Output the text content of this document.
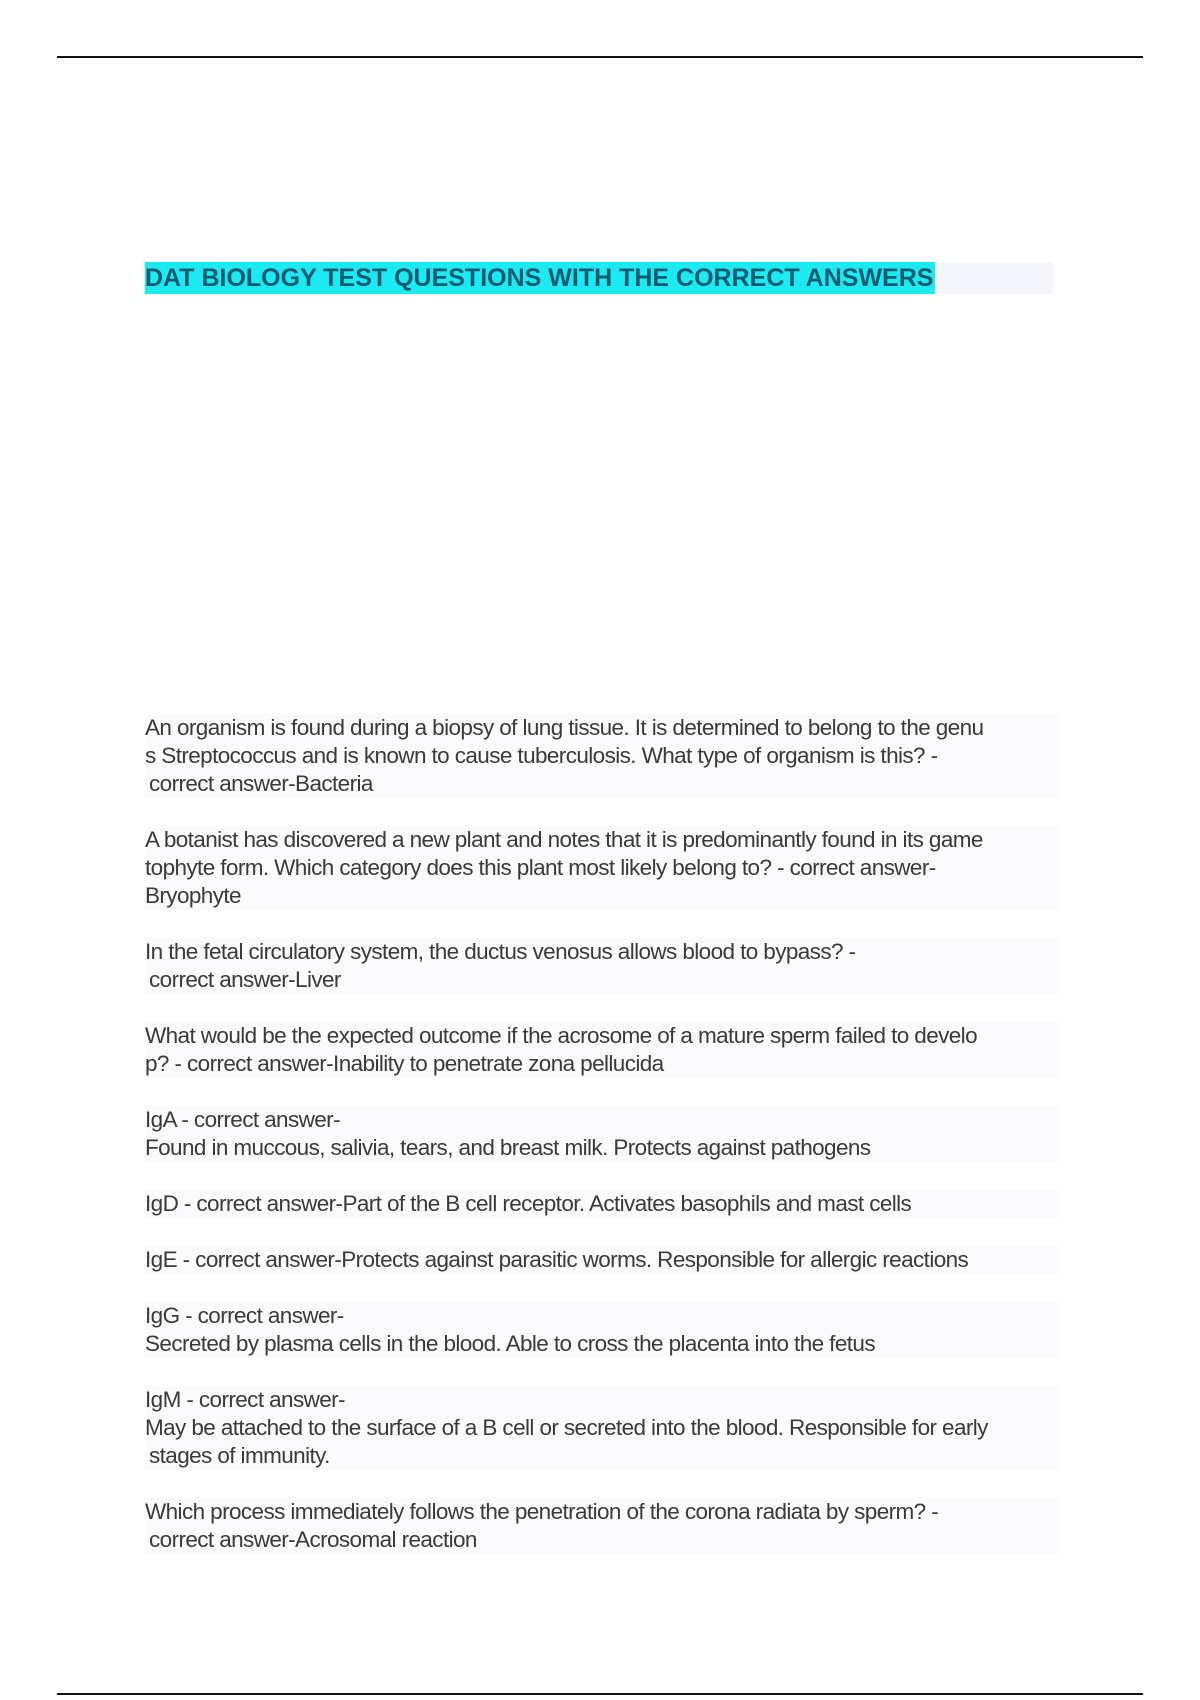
DAT BIOLOGY TEST QUESTIONS WITH THE CORRECT ANSWERS
An organism is found during a biopsy of lung tissue. It is determined to belong to the genu
s Streptococcus and is known to cause tuberculosis. What type of organism is this? -
correct answer-Bacteria
A botanist has discovered a new plant and notes that it is predominantly found in its game
tophyte form. Which category does this plant most likely belong to? - correct answer-
Bryophyte
In the fetal circulatory system, the ductus venosus allows blood to bypass? -
correct answer-Liver
What would be the expected outcome if the acrosome of a mature sperm failed to develo
p? - correct answer-Inability to penetrate zona pellucida
IgA - correct answer-
Found in muccous, salivia, tears, and breast milk. Protects against pathogens
IgD - correct answer-Part of the B cell receptor. Activates basophils and mast cells
IgE - correct answer-Protects against parasitic worms. Responsible for allergic reactions
IgG - correct answer-
Secreted by plasma cells in the blood. Able to cross the placenta into the fetus
IgM - correct answer-
May be attached to the surface of a B cell or secreted into the blood. Responsible for early
stages of immunity.
Which process immediately follows the penetration of the corona radiata by sperm? -
correct answer-Acrosomal reaction
